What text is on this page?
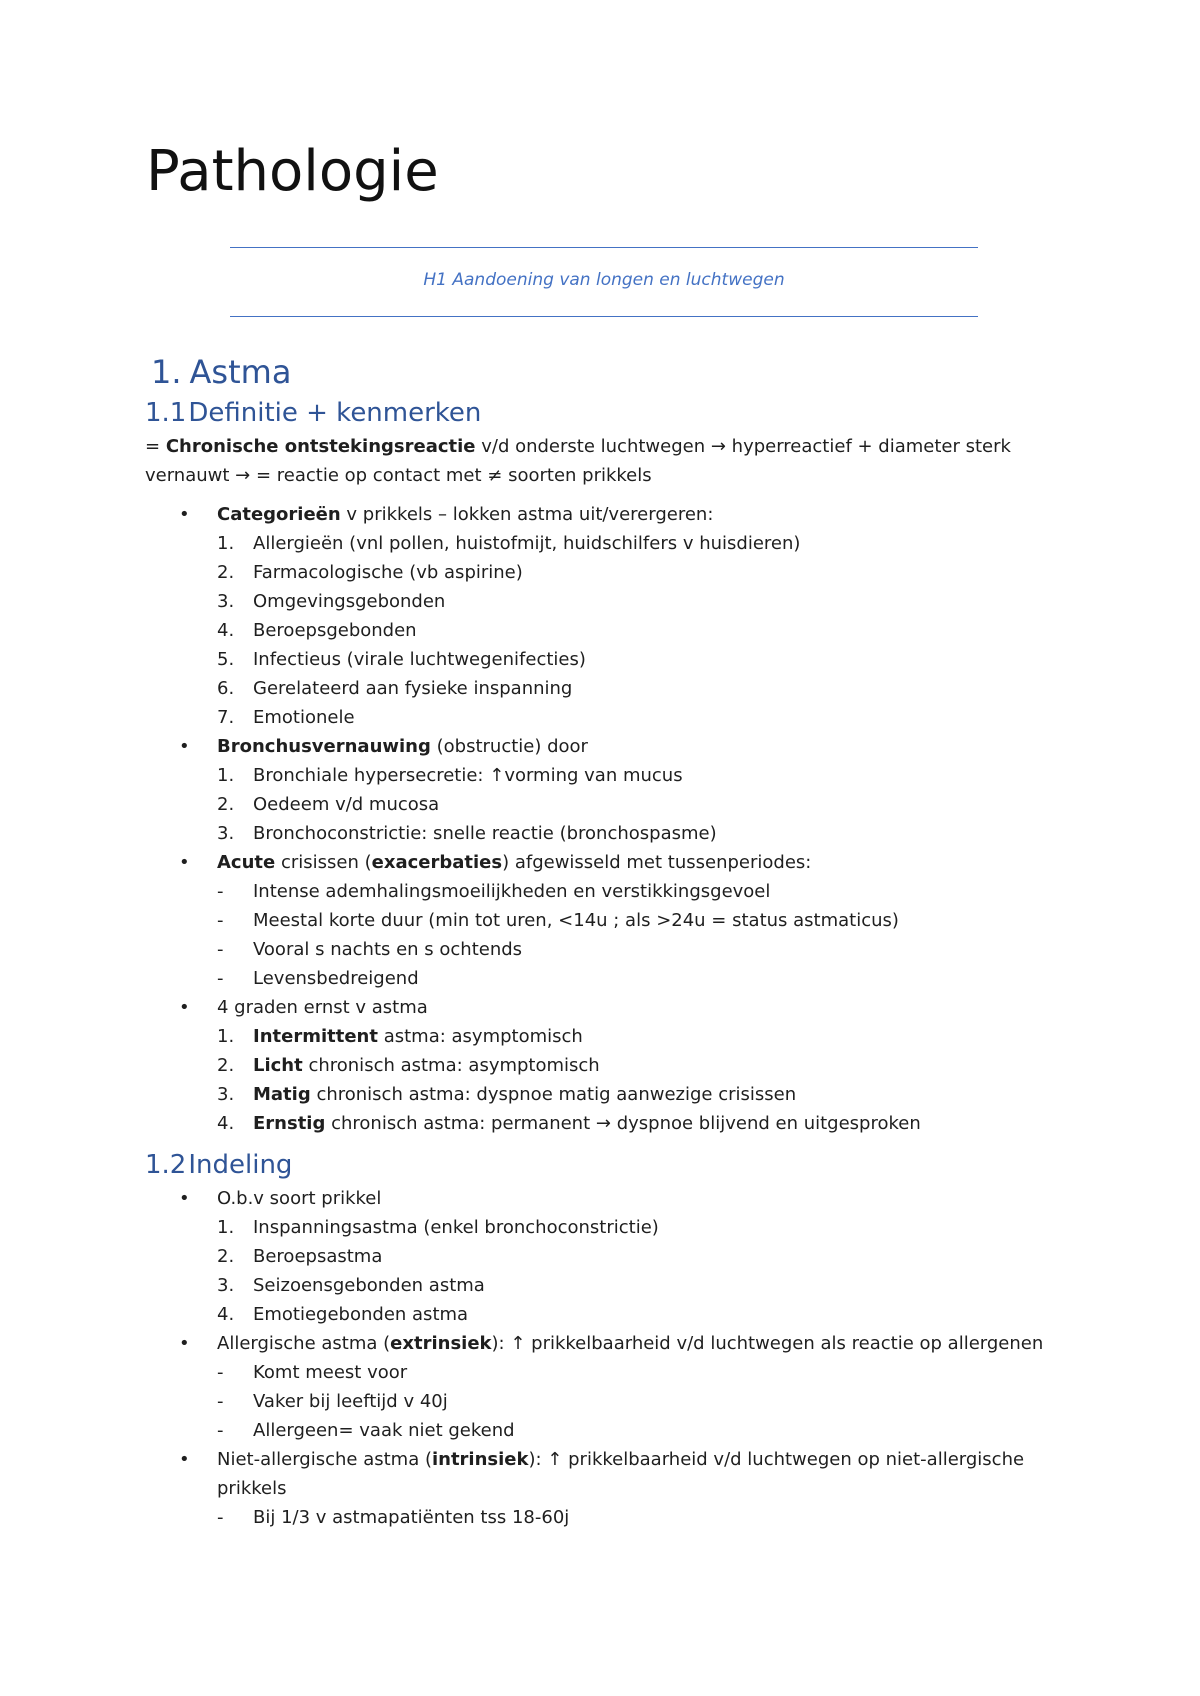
Pathologie
H1 Aandoening van longen en luchtwegen
1. Astma
1.1Definitie + kenmerken

= Chronische ontstekingsreactie v/d onderste luchtwegen → hyperreactief + diameter sterk vernauwt → = reactie op contact met ≠ soorten prikkels

• Categorieën v prikkels – lokken astma uit/verergeren:
1. Allergieën (vnl pollen, huistofmijt, huidschilfers v huisdieren)
2. Farmacologische (vb aspirine)
3. Omgevingsgebonden
4. Beroepsgebonden
5. Infectieus (virale luchtwegenifecties)
6. Gerelateerd aan fysieke inspanning
7. Emotionele
• Bronchusvernauwing (obstructie) door
1. Bronchiale hypersecretie: ↑vorming van mucus
2. Oedeem v/d mucosa
3. Bronchoconstrictie: snelle reactie (bronchospasme)
• Acute crisissen (exacerbaties) afgewisseld met tussenperiodes:
- Intense ademhalingsmoeilijkheden en verstikkingsgevoel
- Meestal korte duur (min tot uren, <14u ; als >24u = status astmaticus)
- Vooral s nachts en s ochtends
- Levensbedreigend
• 4 graden ernst v astma
1. Intermittent astma: asymptomisch
2. Licht chronisch astma: asymptomisch
3. Matig chronisch astma: dyspnoe matig aanwezige crisissen
4. Ernstig chronisch astma: permanent → dyspnoe blijvend en uitgesproken
1.2Indeling
• O.b.v soort prikkel
1. Inspanningsastma (enkel bronchoconstrictie)
2. Beroepsastma
3. Seizoensgebonden astma
4. Emotiegebonden astma
• Allergische astma (extrinsiek): ↑ prikkelbaarheid v/d luchtwegen als reactie op allergenen
- Komt meest voor
- Vaker bij leeftijd v 40j
- Allergeen= vaak niet gekend
• Niet-allergische astma (intrinsiek): ↑ prikkelbaarheid v/d luchtwegen op niet-allergische prikkels
- Bij 1/3 v astmapatiënten tss 18-60j
